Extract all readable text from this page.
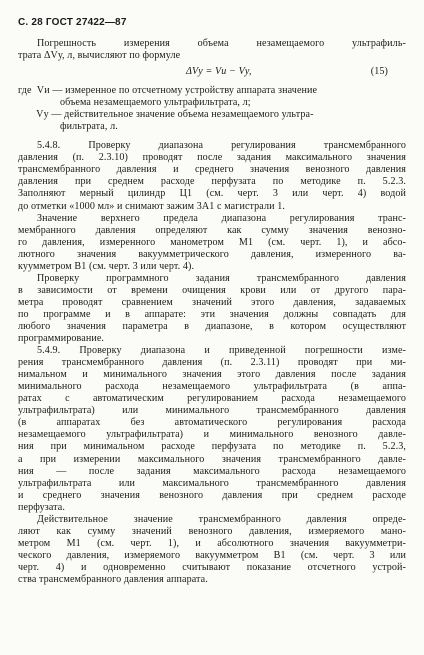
С. 28 ГОСТ 27422—87
Погрешность измерения объема незамещаемого ультрафиль-
трата ΔVу, л, вычисляют по формуле
ΔVу = Vи − Vу,	(15)
где  Vи — измеренное по отсчетному устройству аппарата значение
объема незамещаемого ультрафильтрата, л;
Vу — действительное значение объема незамещаемого ультра-
фильтрата, л.
5.4.8. Проверку диапазона регулирования трансмембранного
давления (п. 2.3.10) проводят после задания максимального значения
трансмембранного давления и среднего значения венозного давления
давления при среднем расходе перфузата по методике п. 5.2.3.
Заполняют мерный цилиндр Ц1 (см. черт. 3 или черт. 4) водой
до отметки «1000 мл» и снимают зажим 3А1 с магистрали 1.
Значение верхнего предела диапазона регулирования транс-
мембранного давления определяют как сумму значения венозно-
го давления, измеренного манометром М1 (см. черт. 1), и абсо-
лютного значения вакуумметрического давления, измеренного ва-
куумметром В1 (см. черт. 3 или черт. 4).
Проверку программного задания трансмембранного давления
в зависимости от времени очищения крови или от другого пара-
метра проводят сравнением значений этого давления, задаваемых
по программе и в аппарате: эти значения должны совпадать для
любого значения параметра в диапазоне, в котором осуществляют
программирование.
5.4.9. Проверку диапазона и приведенной погрешности изме-
рения трансмембранного давления (п. 2.3.11) проводят при ми-
нимальном и минимального значения этого давления после задания
минимального расхода незамещаемого ультрафильтрата (в аппа-
ратах с автоматическим регулированием расхода незамещаемого
ультрафильтрата) или минимального трансмембранного давления
(в аппаратах без автоматического регулирования расхода
незамещаемого ультрафильтрата) и минимального венозного давле-
ния при минимальном расходе перфузата по методике п. 5.2.3,
а при измерении максимального значения трансмембранного давле-
ния — после задания максимального расхода незамещаемого
ультрафильтрата или максимального трансмембранного давления
и среднего значения венозного давления при среднем расходе
перфузата.
Действительное значение трансмембранного давления опреде-
ляют как сумму значений венозного давления, измеряемого мано-
метром М1 (см. черт. 1), и абсолютного значения вакуумметри-
ческого давления, измеряемого вакуумметром В1 (см. черт. 3 или
черт. 4) и одновременно считывают показание отсчетного устрой-
ства трансмембранного давления аппарата.
